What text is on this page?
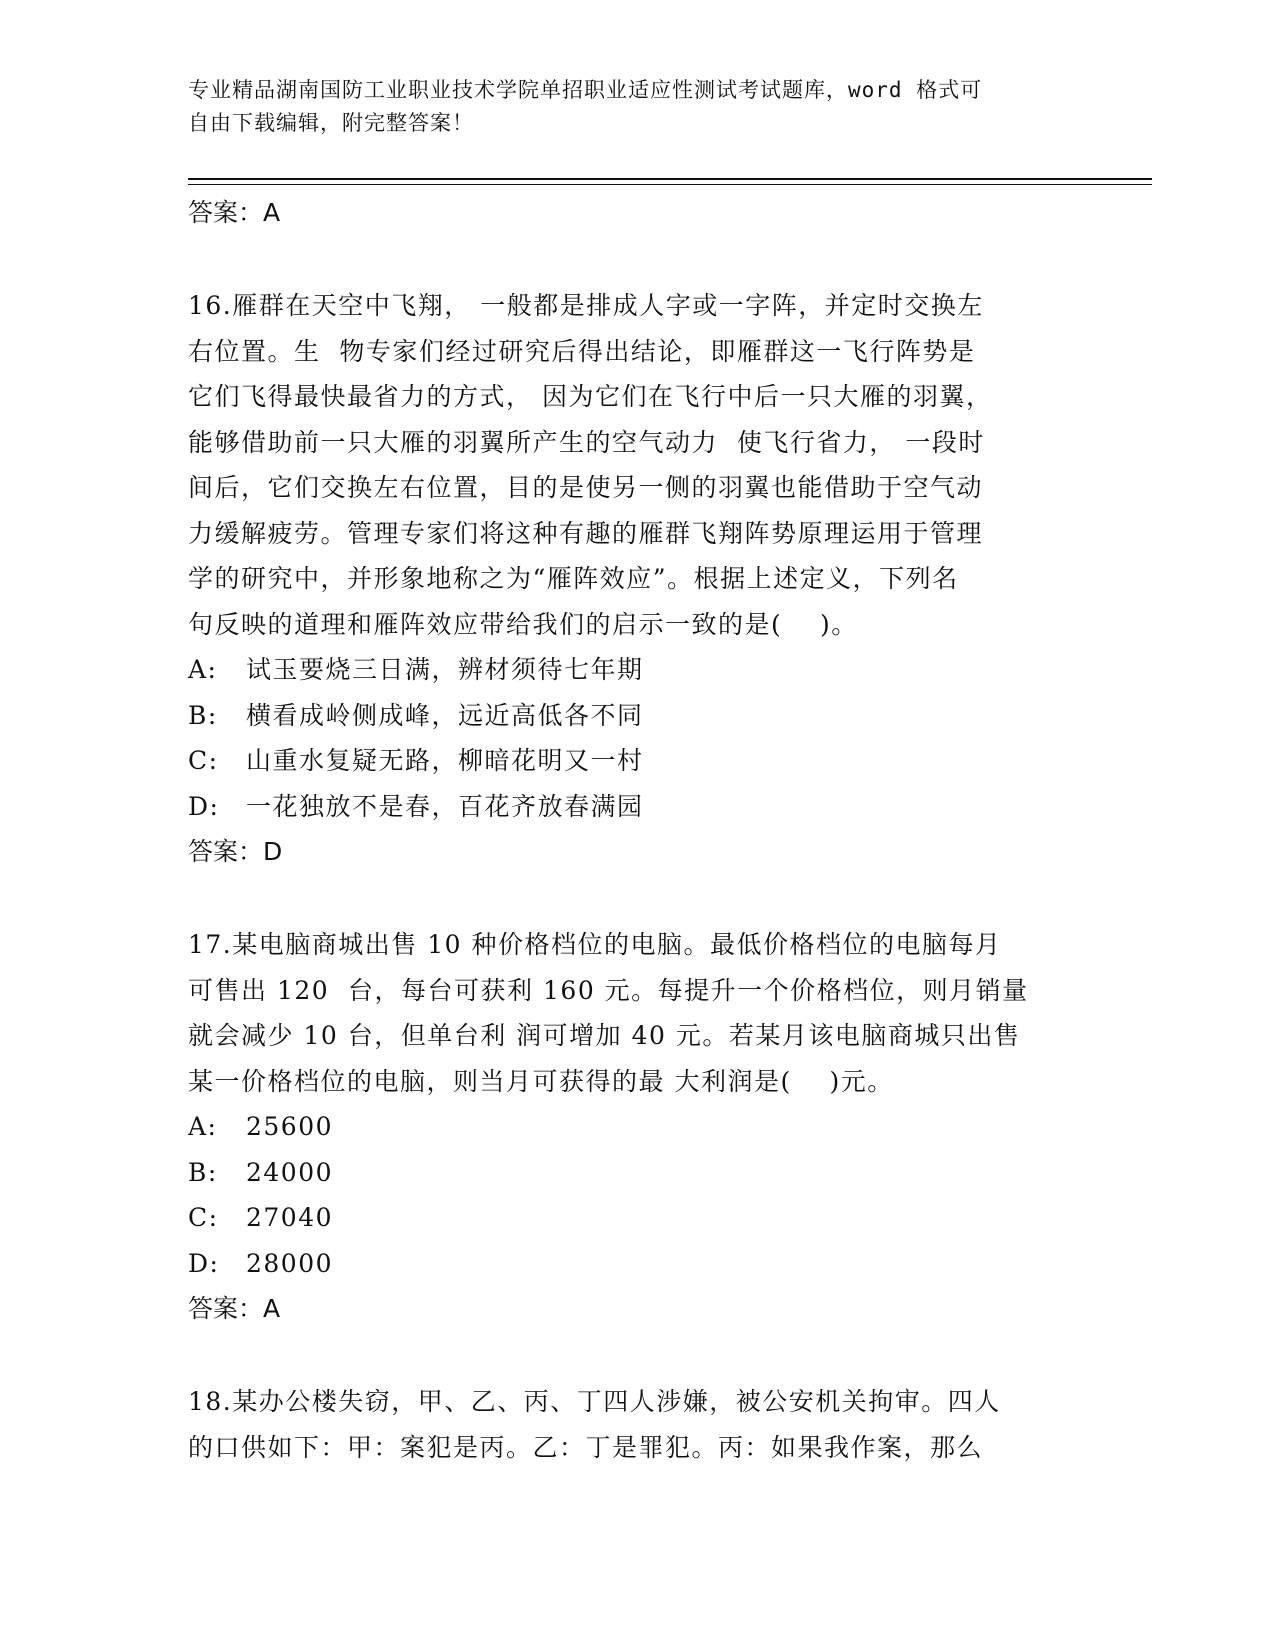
专业精品湖南国防工业职业技术学院单招职业适应性测试考试题库，word 格式可
自由下载编辑，附完整答案！
答案：A
16.雁群在天空中飞翔， 一般都是排成人字或一字阵，并定时交换左
右位置。生  物专家们经过研究后得出结论，即雁群这一飞行阵势是
它们飞得最快最省力的方式， 因为它们在飞行中后一只大雁的羽翼，
能够借助前一只大雁的羽翼所产生的空气动力  使飞行省力， 一段时
间后，它们交换左右位置，目的是使另一侧的羽翼也能借助于空气动
力缓解疲劳。管理专家们将这种有趣的雁群飞翔阵势原理运用于管理
学的研究中，并形象地称之为“雁阵效应”。根据上述定义，下列名
句反映的道理和雁阵效应带给我们的启示一致的是(    )。
A:	试玉要烧三日满，辨材须待七年期
B:	横看成岭侧成峰，远近高低各不同
C:	山重水复疑无路，柳暗花明又一村
D:	一花独放不是春，百花齐放春满园
答案：D
17.某电脑商城出售 10 种价格档位的电脑。最低价格档位的电脑每月
可售出 120  台，每台可获利 160 元。每提升一个价格档位，则月销量
就会减少 10 台，但单台利 润可增加 40 元。若某月该电脑商城只出售
某一价格档位的电脑，则当月可获得的最 大利润是(    )元。
A:	25600
B:	24000
C:	27040
D:	28000
答案：A
18.某办公楼失窃，甲、乙、丙、丁四人涉嫌，被公安机关拘审。四人
的口供如下：甲：案犯是丙。乙：丁是罪犯。丙：如果我作案，那么
